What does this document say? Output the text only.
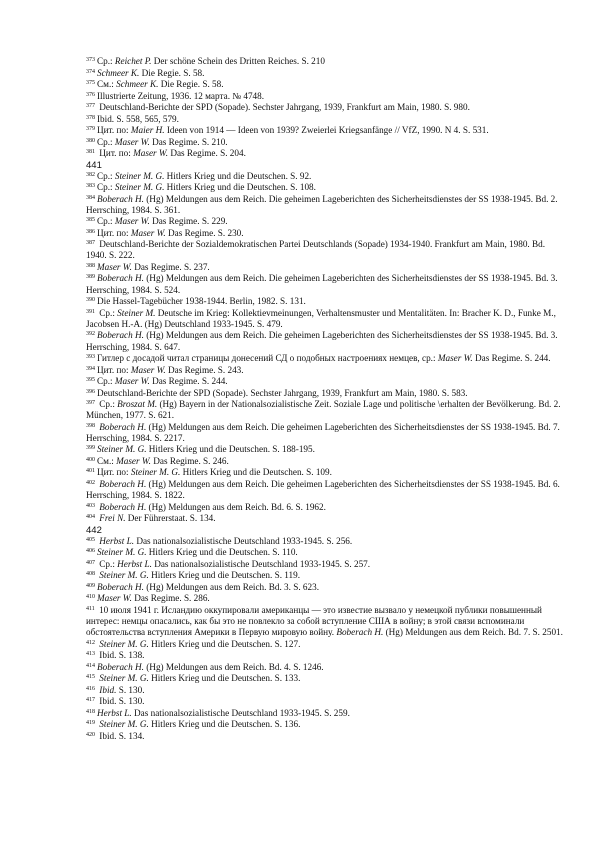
$^{373}$ Ср.: Reichet P. Der schöne Schein des Dritten Reiches. S. 210

$^{374}$ Schmeer K. Die Regie. S. 58.

$^{375}$ См.: Schmeer K. Die Regie. S. 58.

$^{376}$ Illustrierte Zeitung, 1936. 12 марта. № 4748.

$^{377}$ Deutschland-Berichte der SPD (Sopade). Sechster Jahrgang, 1939, Frankfurt am Main, 1980. S. 980.

$^{378}$ Ibid. S. 558, 565, 579.

$^{379}$ Цит. по: Maier H. Ideen von 1914 — Ideen von 1939? Zweierlei Kriegsanfänge // VfZ, 1990. N 4. S. 531.

$^{380}$ Ср.: Maser W. Das Regime. S. 210.

$^{381}$ Цит. по: Maser W. Das Regime. S. 204.

441

$^{382}$ Ср.: Steiner M. G. Hitlers Krieg und die Deutschen. S. 92.

$^{383}$ Ср.: Steiner M. G. Hitlers Krieg und die Deutschen. S. 108.

$^{384}$ Boberach H. (Hg) Meldungen aus dem Reich. Die geheimen Lageberichten des Sicherheitsdienstes der SS 1938-1945. Bd. 2. Herrsching, 1984. S. 361.

$^{385}$ Ср.: Maser W. Das Regime. S. 229.

$^{386}$ Цит. по: Maser W. Das Regime. S. 230.

$^{387}$ Deutschland-Berichte der Sozialdemokratischen Partei Deutschlands (Sopade) 1934-1940. Frankfurt am Main, 1980. Bd. 1940. S. 222.

$^{388}$ Maser W. Das Regime. S. 237.

$^{389}$ Boberach H. (Hg) Meldungen aus dem Reich. Die geheimen Lageberichten des Sicherheitsdienstes der SS 1938-1945. Bd. 3. Herrsching, 1984. S. 524.

$^{390}$ Die Hassel-Tagebücher 1938-1944. Berlin, 1982. S. 131.

$^{391}$ Ср.: Steiner M. Deutsche im Krieg: Kollektievmeinungen, Verhaltensmuster und Mentalitäten. In: Bracher K. D., Funke M., Jacobsen H.-A. (Hg) Deutschland 1933-1945. S. 479.

$^{392}$ Boberach H. (Hg) Meldungen aus dem Reich. Die geheimen Lageberichten des Sicherheitsdienstes der SS 1938-1945. Bd. 3. Herrsching, 1984. S. 647.

$^{393}$ Гитлер с досадой читал страницы донесений СД о подобных настроениях немцев, ср.: Maser W. Das Regime. S. 244.

$^{394}$ Цит. по: Maser W. Das Regime. S. 243.

$^{395}$ Ср.: Maser W. Das Regime. S. 244.

$^{396}$ Deutschland-Berichte der SPD (Sopade). Sechster Jahrgang, 1939, Frankfurt am Main, 1980. S. 583.

$^{397}$ Ср.: Broszat M. (Hg) Bayern in der Nationalsozialistische Zeit. Soziale Lage und politische \erhalten der Bevölkerung. Bd. 2. München, 1977. S. 621.

$^{398}$ Boberach H. (Hg) Meldungen aus dem Reich. Die geheimen Lageberichten des Sicherheitsdienstes der SS 1938-1945. Bd. 7. Herrsching, 1984. S. 2217.

$^{399}$ Steiner M. G. Hitlers Krieg und die Deutschen. S. 188-195.

$^{400}$ См.: Maser W. Das Regime. S. 246.

$^{401}$ Цит. по: Steiner M. G. Hitlers Krieg und die Deutschen. S. 109.

$^{402}$ Boberach H. (Hg) Meldungen aus dem Reich. Die geheimen Lageberichten des Sicherheitsdienstes der SS 1938-1945. Bd. 6. Herrsching, 1984. S. 1822.

$^{403}$ Boberach H. (Hg) Meldungen aus dem Reich. Bd. 6. S. 1962.

$^{404}$ Frei N. Der Führerstaat. S. 134.

442

$^{405}$ Herbst L. Das nationalsozialistische Deutschland 1933-1945. S. 256.

$^{406}$ Steiner M. G. Hitlers Krieg und die Deutschen. S. 110.

$^{407}$ Ср.: Herbst L. Das nationalsozialistische Deutschland 1933-1945. S. 257.

$^{408}$ Steiner M. G. Hitlers Krieg und die Deutschen. S. 119.

$^{409}$ Boberach H. (Hg) Meldungen aus dem Reich. Bd. 3. S. 623.

$^{410}$ Maser W. Das Regime. S. 286.

$^{411}$ 10 июля 1941 г. Исландию оккупировали американцы — это известие вызвало у немецкой публики повышенный интерес: немцы опасались, как бы это не повлекло за собой вступление США в войну; в этой связи вспоминали обстоятельства вступления Америки в Первую мировую войну. Boberach H. (Hg) Meldungen aus dem Reich. Bd. 7. S. 2501.

$^{412}$ Steiner M. G. Hitlers Krieg und die Deutschen. S. 127.

$^{413}$ Ibid. S. 138.

$^{414}$ Boberach H. (Hg) Meldungen aus dem Reich. Bd. 4. S. 1246.

$^{415}$ Steiner M. G. Hitlers Krieg und die Deutschen. S. 133.

$^{416}$ Ibid. S. 130.

$^{417}$ Ibid. S. 130.

$^{418}$ Herbst L. Das nationalsozialistische Deutschland 1933-1945. S. 259.

$^{419}$ Steiner M. G. Hitlers Krieg und die Deutschen. S. 136.

$^{420}$ Ibid. S. 134.
